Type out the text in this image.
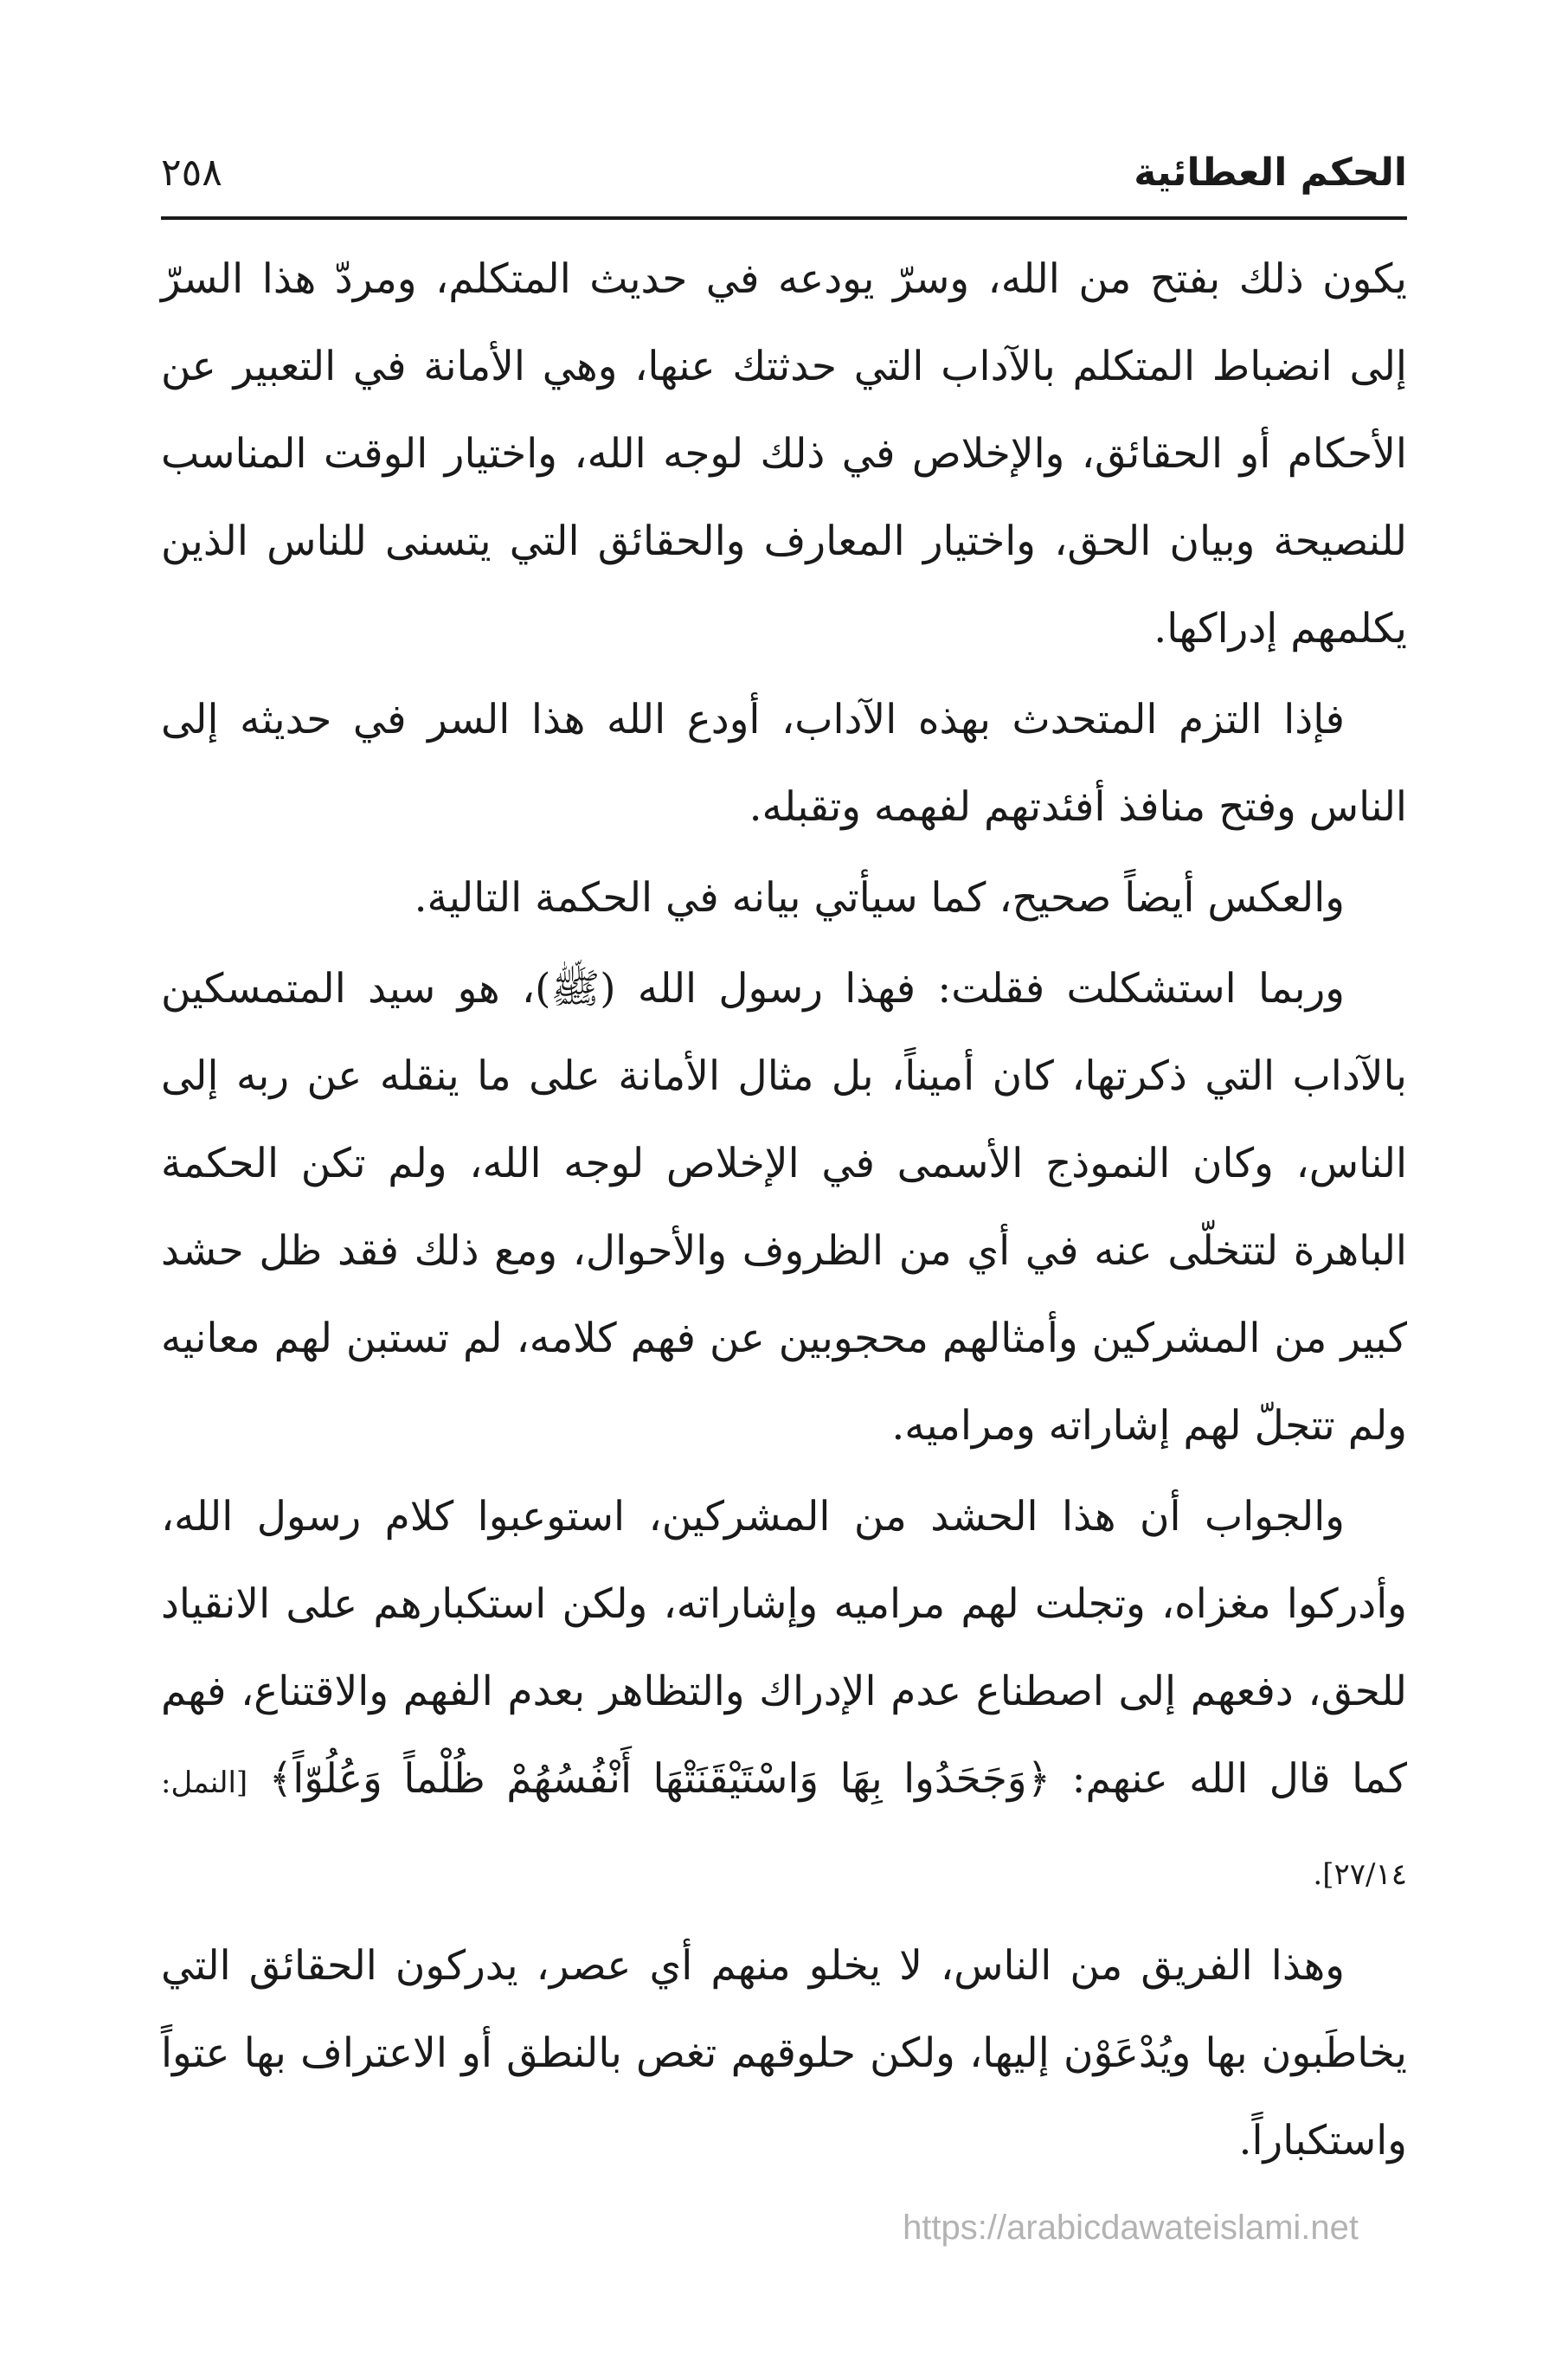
الحكم العطائية
٢٥٨

يكون ذلك بفتح من الله، وسرّ يودعه في حديث المتكلم، ومردّ هذا السرّ إلى انضباط المتكلم بالآداب التي حدثتك عنها، وهي الأمانة في التعبير عن الأحكام أو الحقائق، والإخلاص في ذلك لوجه الله، واختيار الوقت المناسب للنصيحة وبيان الحق، واختيار المعارف والحقائق التي يتسنى للناس الذين يكلمهم إدراكها.

فإذا التزم المتحدث بهذه الآداب، أودع الله هذا السر في حديثه إلى الناس وفتح منافذ أفئدتهم لفهمه وتقبله.

والعكس أيضاً صحيح، كما سيأتي بيانه في الحكمة التالية.

وربما استشكلت فقلت: فهذا رسول الله (ﷺ)، هو سيد المتمسكين بالآداب التي ذكرتها، كان أميناً، بل مثال الأمانة على ما ينقله عن ربه إلى الناس، وكان النموذج الأسمى في الإخلاص لوجه الله، ولم تكن الحكمة الباهرة لتتخلّى عنه في أي من الظروف والأحوال، ومع ذلك فقد ظل حشد كبير من المشركين وأمثالهم محجوبين عن فهم كلامه، لم تستبن لهم معانيه ولم تتجلّ لهم إشاراته ومراميه.

والجواب أن هذا الحشد من المشركين، استوعبوا كلام رسول الله، وأدركوا مغزاه، وتجلت لهم مراميه وإشاراته، ولكن استكبارهم على الانقياد للحق، دفعهم إلى اصطناع عدم الإدراك والتظاهر بعدم الفهم والاقتناع، فهم كما قال الله عنهم: ﴿وَجَحَدُوا بِهَا وَاسْتَيْقَنَتْهَا أَنْفُسُهُمْ ظُلْماً وَعُلُوّاً﴾ [النمل: ٢٧/١٤].

وهذا الفريق من الناس، لا يخلو منهم أي عصر، يدركون الحقائق التي يخاطَبون بها ويُدْعَوْن إليها، ولكن حلوقهم تغص بالنطق أو الاعتراف بها عتواً واستكباراً.

https://arabicdawateislami.net
